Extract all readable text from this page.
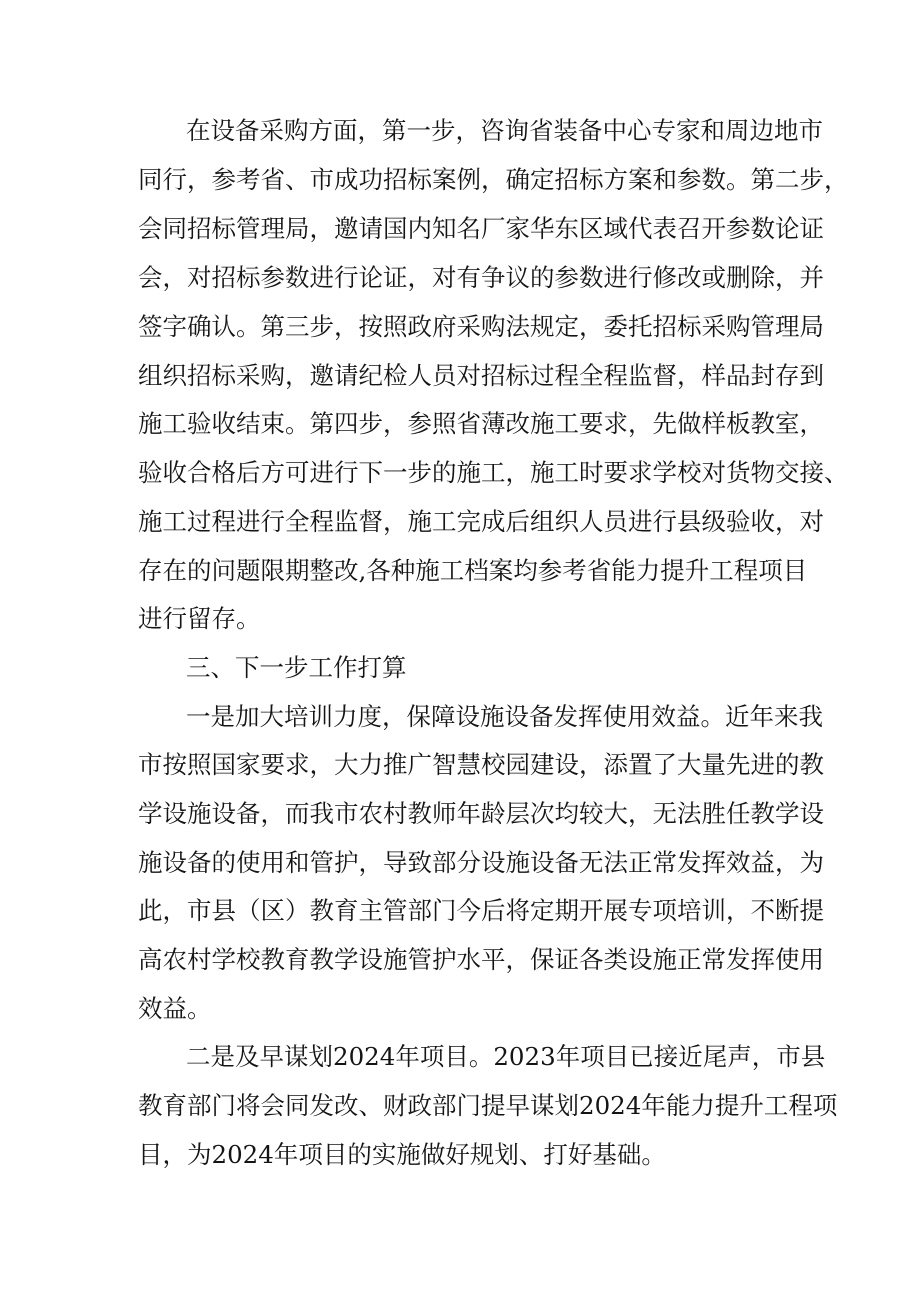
在设备采购方面，第一步，咨询省装备中心专家和周边地市
同行，参考省、市成功招标案例，确定招标方案和参数。第二步，
会同招标管理局，邀请国内知名厂家华东区域代表召开参数论证
会，对招标参数进行论证，对有争议的参数进行修改或删除，并
签字确认。第三步，按照政府采购法规定，委托招标采购管理局
组织招标采购，邀请纪检人员对招标过程全程监督，样品封存到
施工验收结束。第四步，参照省薄改施工要求，先做样板教室，
验收合格后方可进行下一步的施工，施工时要求学校对货物交接、
施工过程进行全程监督，施工完成后组织人员进行县级验收，对
存在的问题限期整改,各种施工档案均参考省能力提升工程项目
进行留存。
三、下一步工作打算
一是加大培训力度，保障设施设备发挥使用效益。近年来我
市按照国家要求，大力推广智慧校园建设，添置了大量先进的教
学设施设备，而我市农村教师年龄层次均较大，无法胜任教学设
施设备的使用和管护，导致部分设施设备无法正常发挥效益，为
此，市县（区）教育主管部门今后将定期开展专项培训，不断提
高农村学校教育教学设施管护水平，保证各类设施正常发挥使用
效益。
二是及早谋划2024年项目。2023年项目已接近尾声，市县
教育部门将会同发改、财政部门提早谋划2024年能力提升工程项
目，为2024年项目的实施做好规划、打好基础。
